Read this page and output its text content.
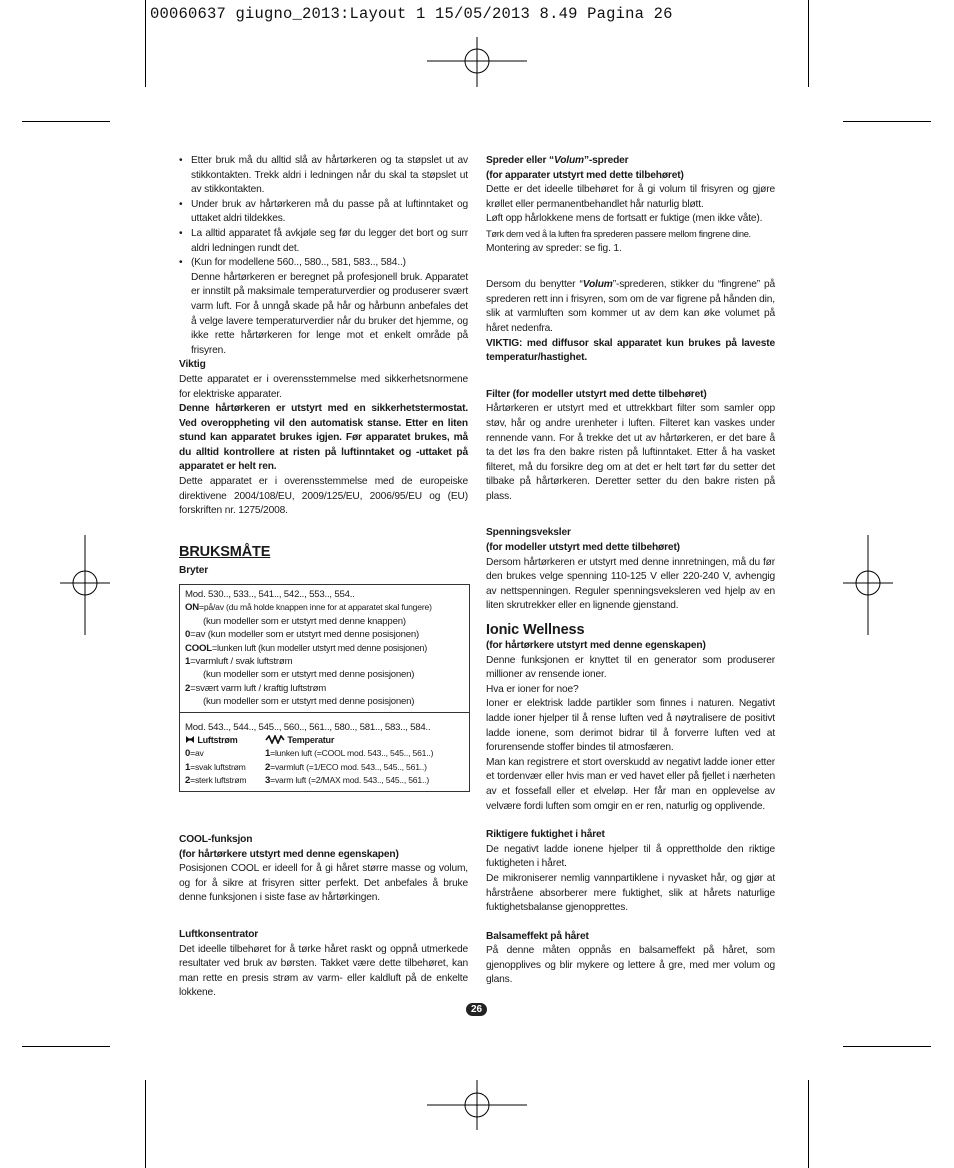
00060637 giugno_2013:Layout 1 15/05/2013 8.49 Pagina 26
• Etter bruk må du alltid slå av hårtørkeren og ta støpslet ut av stikkontakten. Trekk aldri i ledningen når du skal ta støpslet ut av stikkontakten.
• Under bruk av hårtørkeren må du passe på at luftinntaket og uttaket aldri tildekkes.
• La alltid apparatet få avkjøle seg før du legger det bort og surr aldri ledningen rundt det.
• (Kun for modellene 560.., 580.., 581, 583.., 584..)
Denne hårtørkeren er beregnet på profesjonell bruk. Apparatet er innstilt på maksimale temperaturverdier og produserer svært varm luft. For å unngå skade på hår og hårbunn anbefales det å velge lavere temperaturverdier når du bruker det hjemme, og ikke rette hårtørkeren for lenge mot et enkelt område på frisyren.

Viktig

Dette apparatet er i overensstemmelse med sikkerhetsnormene for elektriske apparater.

Denne hårtørkeren er utstyrt med en sikkerhetstermostat. Ved overoppheting vil den automatisk stanse. Etter en liten stund kan apparatet brukes igjen. Før apparatet brukes, må du alltid kontrollere at risten på luftinntaket og -uttaket på apparatet er helt ren.

Dette apparatet er i overensstemmelse med de europeiske direktivene 2004/108/EU, 2009/125/EU, 2006/95/EU og (EU) forskriften nr. 1275/2008.

BRUKSMÅTE

Bryter

Mod. 530.., 533.., 541.., 542.., 553.., 554..
ON=på/av (du må holde knappen inne for at apparatet skal fungere)
(kun modeller som er utstyrt med denne knappen)
0=av (kun modeller som er utstyrt med denne posisjonen)
COOL=lunken luft (kun modeller utstyrt med denne posisjonen)
1=varmluft / svak luftstrøm
(kun modeller som er utstyrt med denne posisjonen)
2=svært varm luft / kraftig luftstrøm
(kun modeller som er utstyrt med denne posisjonen)
Mod. 543.., 544.., 545.., 560.., 561.., 580.., 581.., 583.., 584..
Luftstrøm	Temperatur
0=av	1=lunken luft (=COOL mod. 543.., 545.., 561..)
1=svak luftstrøm	2=varmluft (=1/ECO mod. 543.., 545.., 561..)
2=sterk luftstrøm	3=varm luft (=2/MAX mod. 543.., 545.., 561..)

COOL-funksjon

(for hårtørkere utstyrt med denne egenskapen)

Posisjonen COOL er ideell for å gi håret større masse og volum, og for å sikre at frisyren sitter perfekt. Det anbefales å bruke denne funksjonen i siste fase av hårtørkingen.

Luftkonsentrator

Det ideelle tilbehøret for å tørke håret raskt og oppnå utmerkede resultater ved bruk av børsten. Takket være dette tilbehøret, kan man rette en presis strøm av varm- eller kaldluft på de enkelte lokkene.

Spreder eller “Volum”-spreder

(for apparater utstyrt med dette tilbehøret)

Dette er det ideelle tilbehøret for å gi volum til frisyren og gjøre krøllet eller permanentbehandlet hår naturlig bløtt.

Løft opp hårlokkene mens de fortsatt er fuktige (men ikke våte).

Tørk dem ved å la luften fra sprederen passere mellom fingrene dine.

Montering av spreder: se fig. 1.

Dersom du benytter “Volum”-sprederen, stikker du “fingrene” på sprederen rett inn i frisyren, som om de var figrene på hånden din, slik at varmluften som kommer ut av dem kan øke volumet på håret nedenfra.

VIKTIG: med diffusor skal apparatet kun brukes på laveste temperatur/hastighet.

Filter (for modeller utstyrt med dette tilbehøret)

Hårtørkeren er utstyrt med et uttrekkbart filter som samler opp støv, hår og andre urenheter i luften. Filteret kan vaskes under rennende vann. For å trekke det ut av hårtørkeren, er det bare å ta det løs fra den bakre risten på luftinntaket. Etter å ha vasket filteret, må du forsikre deg om at det er helt tørt før du setter det tilbake på hårtørkeren. Deretter setter du den bakre risten på plass.

Spenningsveksler

(for modeller utstyrt med dette tilbehøret)

Dersom hårtørkeren er utstyrt med denne innretningen, må du før den brukes velge spenning 110-125 V eller 220-240 V, avhengig av nettspenningen. Reguler spenningsveksleren ved hjelp av en liten skrutrekker eller en lignende gjenstand.

Ionic Wellness

(for hårtørkere utstyrt med denne egenskapen)

Denne funksjonen er knyttet til en generator som produserer millioner av rensende ioner.

Hva er ioner for noe?

Ioner er elektrisk ladde partikler som finnes i naturen. Negativt ladde ioner hjelper til å rense luften ved å nøytralisere de positivt ladde ionene, som derimot bidrar til å forverre luften ved at forurensende stoffer bindes til atmosfæren.

Man kan registrere et stort overskudd av negativt ladde ioner etter et tordenvær eller hvis man er ved havet eller på fjellet i nærheten av et fossefall eller et elveløp. Her får man en opplevelse av velvære fordi luften som omgir en er ren, naturlig og opplivende.

Riktigere fuktighet i håret

De negativt ladde ionene hjelper til å opprettholde den riktige fuktigheten i håret.

De mikroniserer nemlig vannpartiklene i nyvasket hår, og gjør at hårstråene absorberer mere fuktighet, slik at hårets naturlige fuktighetsbalanse gjenopprettes.

Balsameffekt på håret

På denne måten oppnås en balsameffekt på håret, som gjenopplives og blir mykere og lettere å gre, med mer volum og glans.

26
